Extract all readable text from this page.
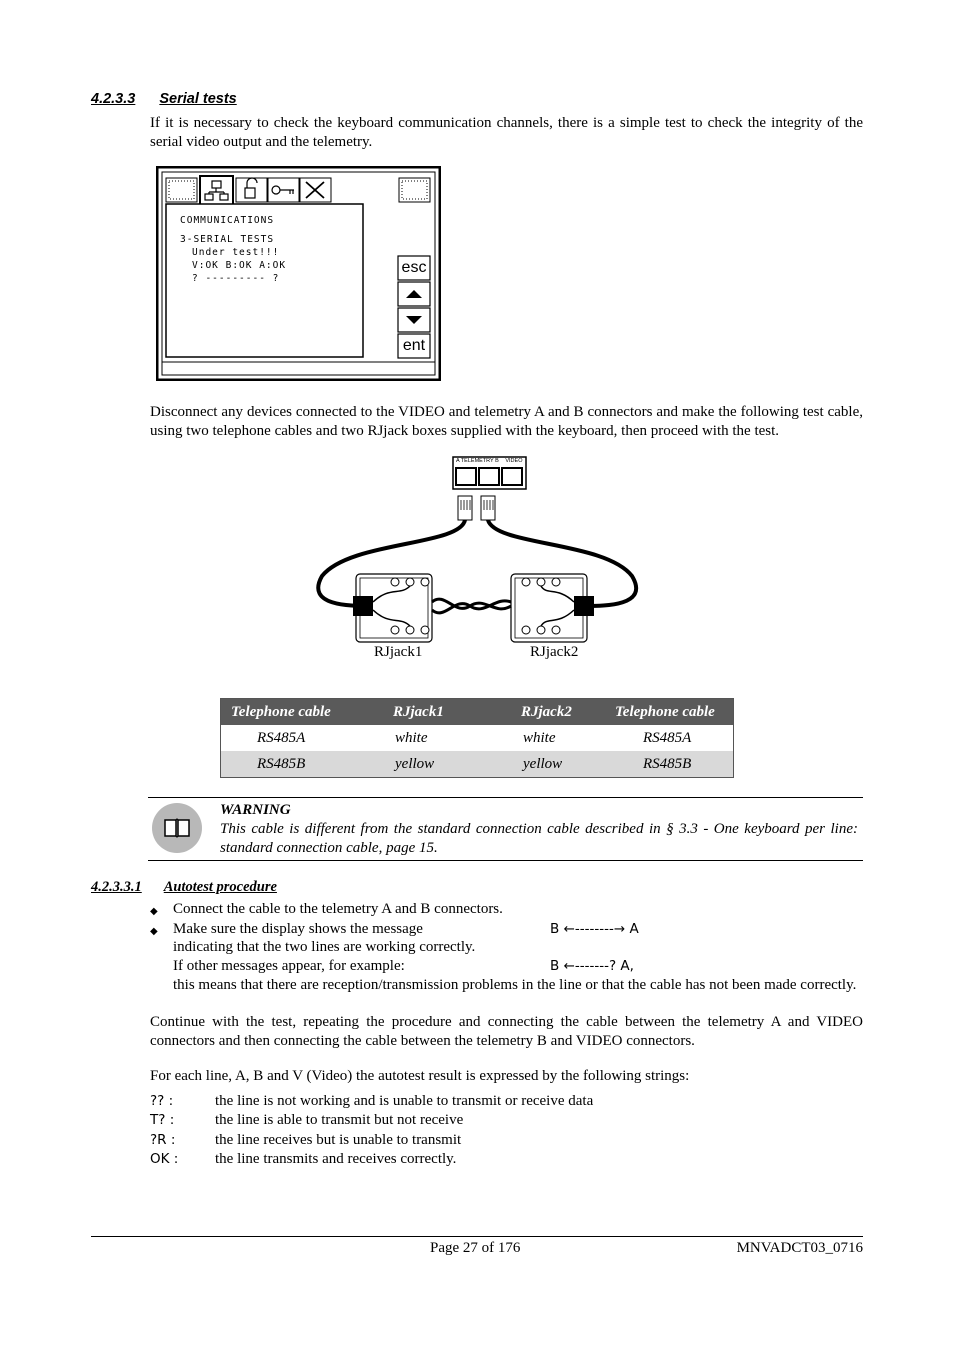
4.2.3.3 Serial tests
If it is necessary to check the keyboard communication channels, there is a simple test to check the integrity of the serial video output and the telemetry.
COMMUNICATIONS
3-SERIAL TESTS
Under test!!!
V:OK B:OK A:OK
? --------- ?
esc
ent
Disconnect any devices connected to the VIDEO and telemetry A and B connectors and make the following test cable, using two telephone cables and two RJjack boxes supplied with the keyboard, then proceed with the test.
A TELEMETRY B VIDEO
RJjack1	RJjack2
Telephone cable	RJjack1	RJjack2	Telephone cable
RS485A	white	white	RS485A
RS485B	yellow	yellow	RS485B
WARNING
This cable is different from the standard connection cable described in § 3.3 - One keyboard per line: standard connection cable, page 15.
4.2.3.3.1 Autotest procedure
◆ Connect the cable to the telemetry A and B connectors.
◆ Make sure the display shows the message	B ←--------→ A
indicating that the two lines are working correctly.
If other messages appear, for example:	B ←-------? A,
this means that there are reception/transmission problems in the line or that the cable has not been made correctly.
Continue with the test, repeating the procedure and connecting the cable between the telemetry A and VIDEO connectors and then connecting the cable between the telemetry B and VIDEO connectors.
For each line, A, B and V (Video) the autotest result is expressed by the following strings:
?? :	the line is not working and is unable to transmit or receive data
T? :	the line is able to transmit but not receive
?R :	the line receives but is unable to transmit
OK : the line transmits and receives correctly.
Page 27 of 176	MNVADCT03_0716
